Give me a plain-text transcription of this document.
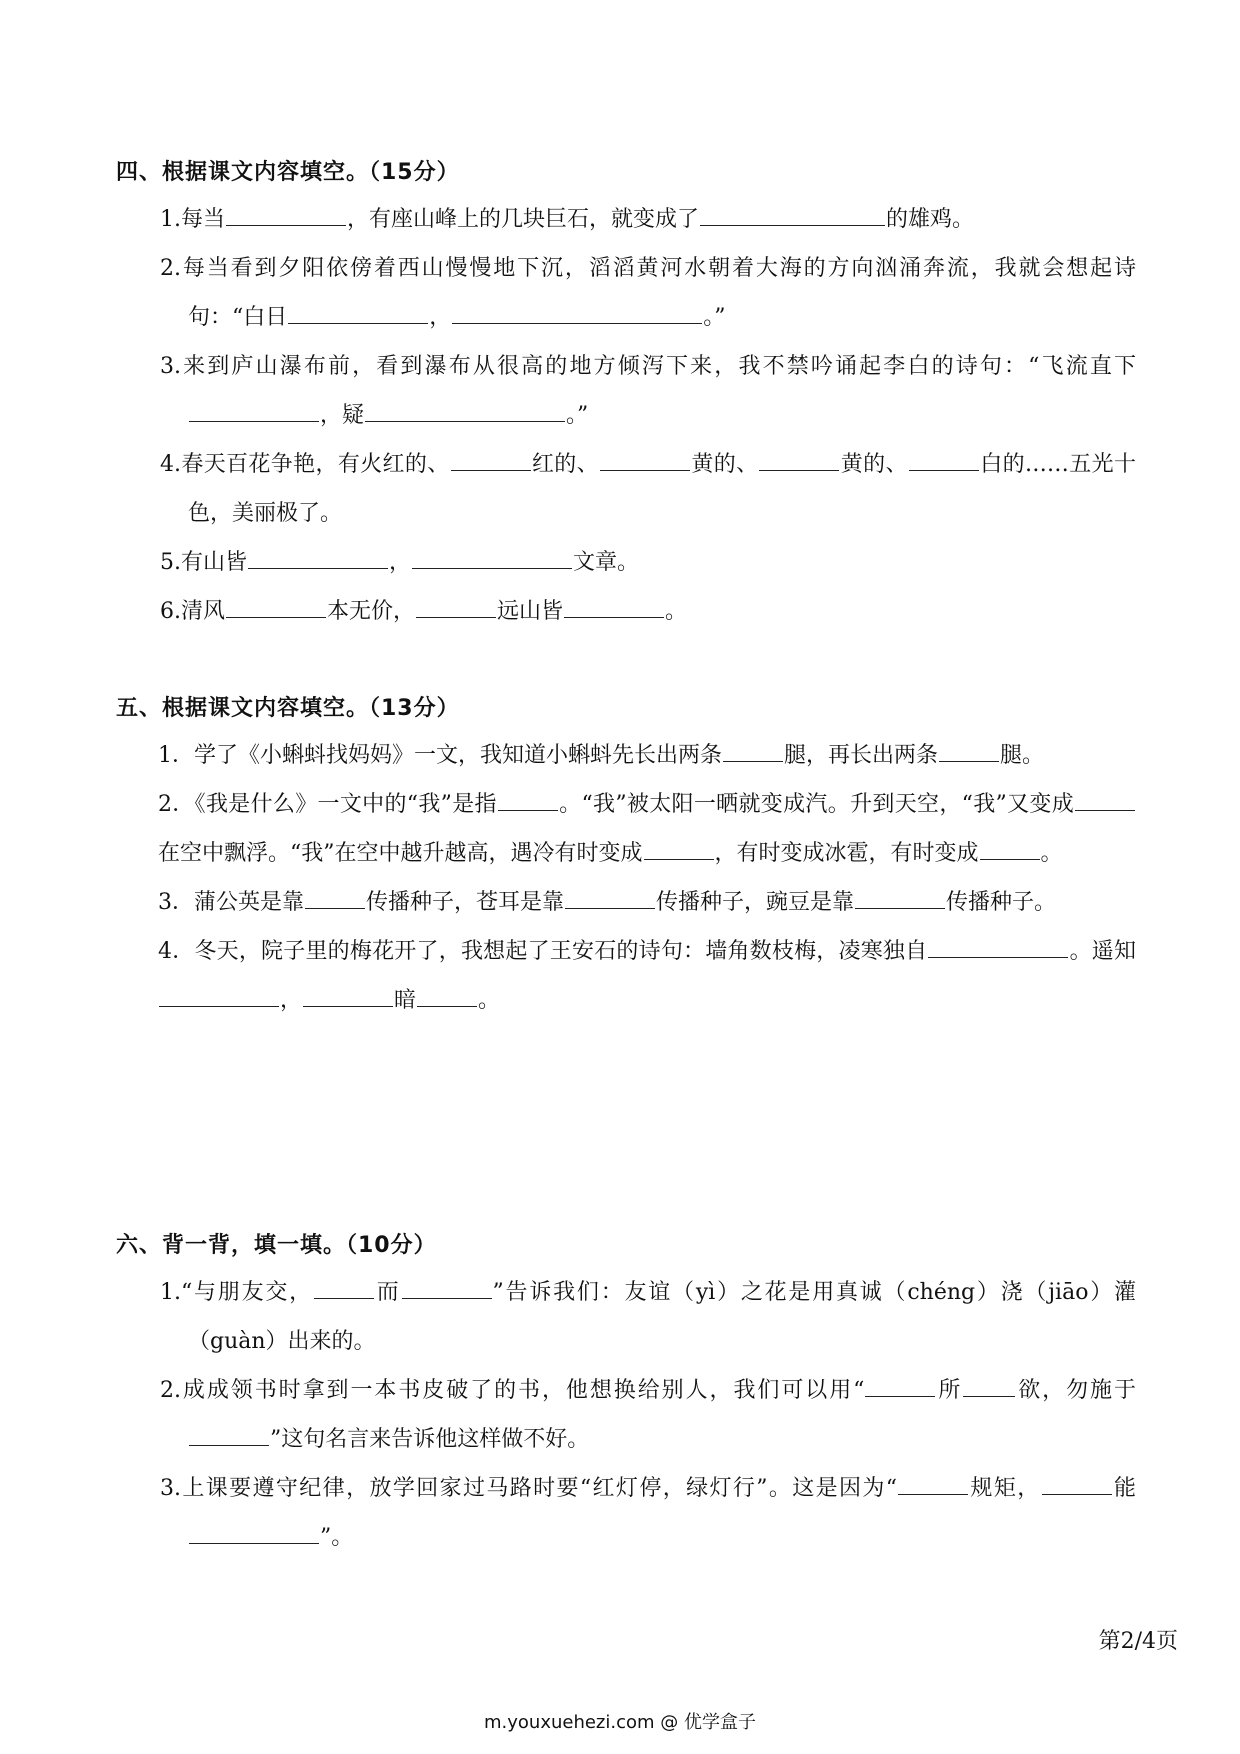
四、根据课文内容填空。（15分）

1.每当	，有座山峰上的几块巨石，就变成了	的雄鸡。

2.每当看到夕阳依傍着西山慢慢地下沉，滔滔黄河水朝着大海的方向汹涌奔流，我就会想起诗句：“白日	，	。”

3.来到庐山瀑布前，看到瀑布从很高的地方倾泻下来，我不禁吟诵起李白的诗句：“飞流直下，疑	。”

4.春天百花争艳，有火红的、	红的、	黄的、	黄的、	白的……五光十色，美丽极了。

5.有山皆	，	文章。

6.清风	本无价，	远山皆	。

五、根据课文内容填空。（13分）

1．学了《小蝌蚪找妈妈》一文，我知道小蝌蚪先长出两条	腿，再长出两条	腿。

2．《我是什么》一文中的“我”是指	。“我”被太阳一晒就变成汽。升到天空，“我”又变成在空中飘浮。“我”在空中越升越高，遇冷有时变成	，有时变成冰雹，有时变成	。

3．蒲公英是靠	传播种子，苍耳是靠	传播种子，豌豆是靠	传播种子。

4．冬天，院子里的梅花开了，我想起了王安石的诗句：墙角数枝梅，凌寒独自	。遥知，	暗	。

六、背一背，填一填。（10分）

1.“与朋友交，	而	”告诉我们：友谊（yì）之花是用真诚（chéng）浇（jiāo）灌（guàn）出来的。

2.成成领书时拿到一本书皮破了的书，他想换给别人，我们可以用“	所 欲，勿施于”这句名言来告诉他这样做不好。

3.上课要遵守纪律，放学回家过马路时要“红灯停，绿灯行”。这是因为“	规矩，	能”。

第2/4页
m.youxuehezi.com @ 优学盒子
